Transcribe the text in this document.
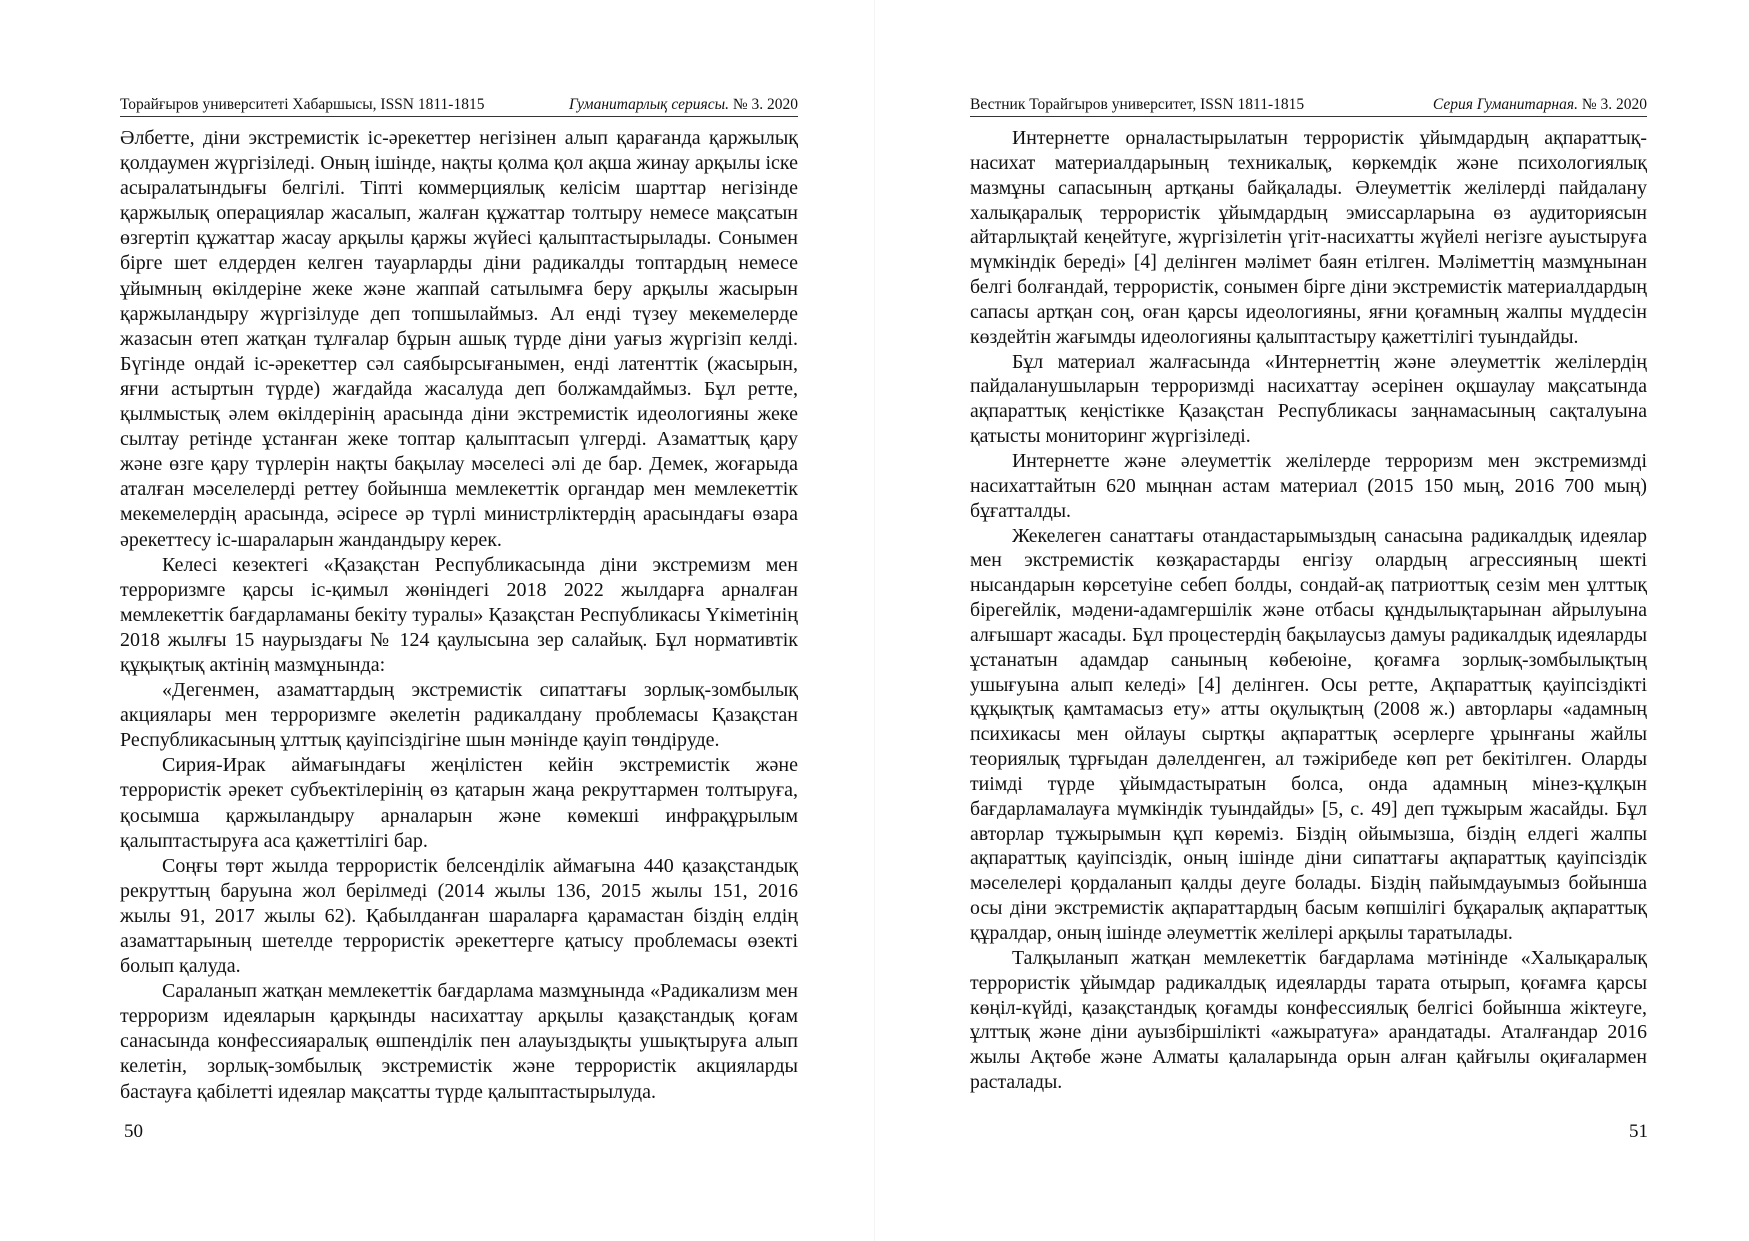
Торайғыров университеті Хабаршысы, ISSN 1811-1815	Гуманитарлық сериясы. № 3. 2020

Әлбетте, діни экстремистік іс-әрекеттер негізінен алып қарағанда қаржылық қолдаумен жүргізіледі. Оның ішінде, нақты қолма қол ақша жинау арқылы іске асыралатындығы белгілі. Тіпті коммерциялық келісім шарттар негізінде қаржылық операциялар жасалып, жалған құжаттар толтыру немесе мақсатын өзгертіп құжаттар жасау арқылы қаржы жүйесі қалыптастырылады. Сонымен бірге шет елдерден келген тауарларды діни радикалды топтардың немесе ұйымның өкілдеріне жеке және жаппай сатылымға беру арқылы жасырын қаржыландыру жүргізілуде деп топшылаймыз. Ал енді түзеу мекемелерде жазасын өтеп жатқан тұлғалар бұрын ашық түрде діни уағыз жүргізіп келді. Бүгінде ондай іс-әрекеттер сәл саябырсығанымен, енді латенттік (жасырын, яғни астыртын түрде) жағдайда жасалуда деп болжамдаймыз. Бұл ретте, қылмыстық әлем өкілдерінің арасында діни экстремистік идеологияны жеке сылтау ретінде ұстанған жеке топтар қалыптасып үлгерді. Азаматтық қару және өзге қару түрлерін нақты бақылау мәселесі әлі де бар. Демек, жоғарыда аталған мәселелерді реттеу бойынша мемлекеттік органдар мен мемлекеттік мекемелердің арасында, әсіресе әр түрлі министрліктердің арасындағы өзара әрекеттесу іс-шараларын жандандыру керек.

Келесі кезектегі «Қазақстан Республикасында діни экстремизм мен терроризмге қарсы іс-қимыл жөніндегі 2018 2022 жылдарға арналған мемлекеттік бағдарламаны бекіту туралы» Қазақстан Республикасы Үкіметінің 2018 жылғы 15 наурыздағы № 124 қаулысына зер салайық. Бұл нормативтік құқықтық актінің мазмұнында:

«Дегенмен, азаматтардың экстремистік сипаттағы зорлық-зомбылық акциялары мен терроризмге әкелетін радикалдану проблемасы Қазақстан Республикасының ұлттық қауіпсіздігіне шын мәнінде қауіп төндіруде.

Сирия-Ирак аймағындағы жеңілістен кейін экстремистік және террористік әрекет субъектілерінің өз қатарын жаңа рекруттармен толтыруға, қосымша қаржыландыру арналарын және көмекші инфрақұрылым қалыптастыруға аса қажеттілігі бар.

Соңғы төрт жылда террористік белсенділік аймағына 440 қазақстандық рекруттың баруына жол берілмеді (2014 жылы 136, 2015 жылы 151, 2016 жылы 91, 2017 жылы 62). Қабылданған шараларға қарамастан біздің елдің азаматтарының шетелде террористік әрекеттерге қатысу проблемасы өзекті болып қалуда.

Сараланып жатқан мемлекеттік бағдарлама мазмұнында «Радикализм мен терроризм идеяларын қарқынды насихаттау арқылы қазақстандық қоғам санасында конфессияаралық өшпенділік пен алауыздықты ушықтыруға алып келетін, зорлық-зомбылық экстремистік және террористік акцияларды бастауға қабілетті идеялар мақсатты түрде қалыптастырылуда.

50
Вестник Торайгыров университет, ISSN 1811-1815	Серия Гуманитарная. № 3. 2020

Интернетте орналастырылатын террористік ұйымдардың ақпараттық-насихат материалдарының техникалық, көркемдік және психологиялық мазмұны сапасының артқаны байқалады. Әлеуметтік желілерді пайдалану халықаралық террористік ұйымдардың эмиссарларына өз аудиториясын айтарлықтай кеңейтуге, жүргізілетін үгіт-насихатты жүйелі негізге ауыстыруға мүмкіндік береді» [4] делінген мәлімет баян етілген. Мәліметтің мазмұнынан белгі болғандай, террористік, сонымен бірге діни экстремистік материалдардың сапасы артқан соң, оған қарсы идеологияны, яғни қоғамның жалпы мүддесін көздейтін жағымды идеологияны қалыптастыру қажеттілігі туындайды.

Бұл материал жалғасында «Интернеттің және әлеуметтік желілердің пайдаланушыларын терроризмді насихаттау әсерінен оқшаулау мақсатында ақпараттық кеңістікке Қазақстан Республикасы заңнамасының сақталуына қатысты мониторинг жүргізіледі.

Интернетте және әлеуметтік желілерде терроризм мен экстремизмді насихаттайтын 620 мыңнан астам материал (2015 150 мың, 2016 700 мың) бұғатталды.

Жекелеген санаттағы отандастарымыздың санасына радикалдық идеялар мен экстремистік көзқарастарды енгізу олардың агрессияның шекті нысандарын көрсетуіне себеп болды, сондай-ақ патриоттық сезім мен ұлттық бірегейлік, мәдени-адамгершілік және отбасы құндылықтарынан айрылуына алғышарт жасады. Бұл процестердің бақылаусыз дамуы радикалдық идеяларды ұстанатын адамдар санының көбеюіне, қоғамға зорлық-зомбылықтың ушығуына алып келеді» [4] делінген. Осы ретте, Ақпараттық қауіпсіздікті құқықтық қамтамасыз ету» атты оқулықтың (2008 ж.) авторлары «адамның психикасы мен ойлауы сыртқы ақпараттық әсерлерге ұрынғаны жайлы теориялық тұрғыдан дәлелденген, ал тәжірибеде көп рет бекітілген. Оларды тиімді түрде ұйымдастыратын болса, онда адамның мінез-құлқын бағдарламалауға мүмкіндік туындайды» [5, с. 49] деп тұжырым жасайды. Бұл авторлар тұжырымын құп көреміз. Біздің ойымызша, біздің елдегі жалпы ақпараттық қауіпсіздік, оның ішінде діни сипаттағы ақпараттық қауіпсіздік мәселелері қордаланып қалды деуге болады. Біздің пайымдауымыз бойынша осы діни экстремистік ақпараттардың басым көпшілігі бұқаралық ақпараттық құралдар, оның ішінде әлеуметтік желілері арқылы таратылады.

Талқыланып жатқан мемлекеттік бағдарлама мәтінінде «Халықаралық террористік ұйымдар радикалдық идеяларды тарата отырып, қоғамға қарсы көңіл-күйді, қазақстандық қоғамды конфессиялық белгісі бойынша жіктеуге, ұлттық және діни ауызбіршілікті «ажыратуға» арандатады. Аталғандар 2016 жылы Ақтөбе және Алматы қалаларында орын алған қайғылы оқиғалармен расталады.

51
